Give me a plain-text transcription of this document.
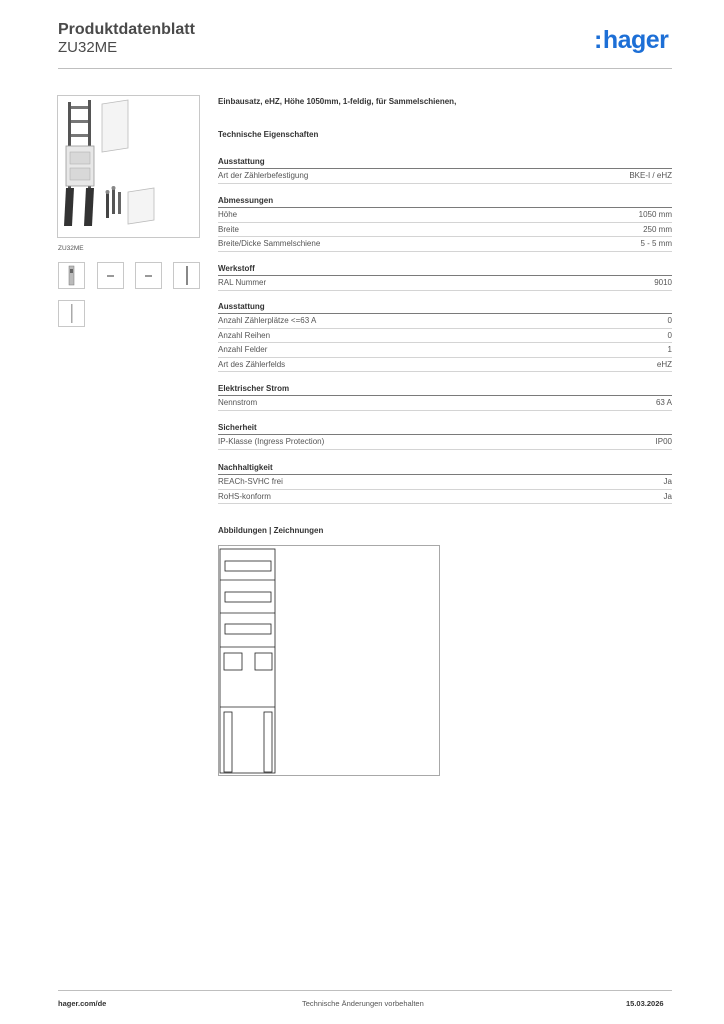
Produktdatenblatt
ZU32ME	:hager
ZU32ME
Einbausatz, eHZ, Höhe 1050mm, 1-feldig, für Sammelschienen,
Technische Eigenschaften
Ausstattung
Art der Zählerbefestigung	BKE-I / eHZ
Abmessungen
Höhe	1050 mm
Breite	250 mm
Breite/Dicke Sammelschiene	5 - 5 mm
Werkstoff
RAL Nummer	9010
Ausstattung
Anzahl Zählerplätze <=63 A	0
Anzahl Reihen	0
Anzahl Felder	1
Art des Zählerfelds	eHZ
Elektrischer Strom
Nennstrom	63 A
Sicherheit
IP-Klasse (Ingress Protection)	IP00
Nachhaltigkeit
REACh-SVHC frei	Ja
RoHS-konform	Ja
Abbildungen | Zeichnungen
hager.com/de	Technische Änderungen vorbehalten	15.03.2026
